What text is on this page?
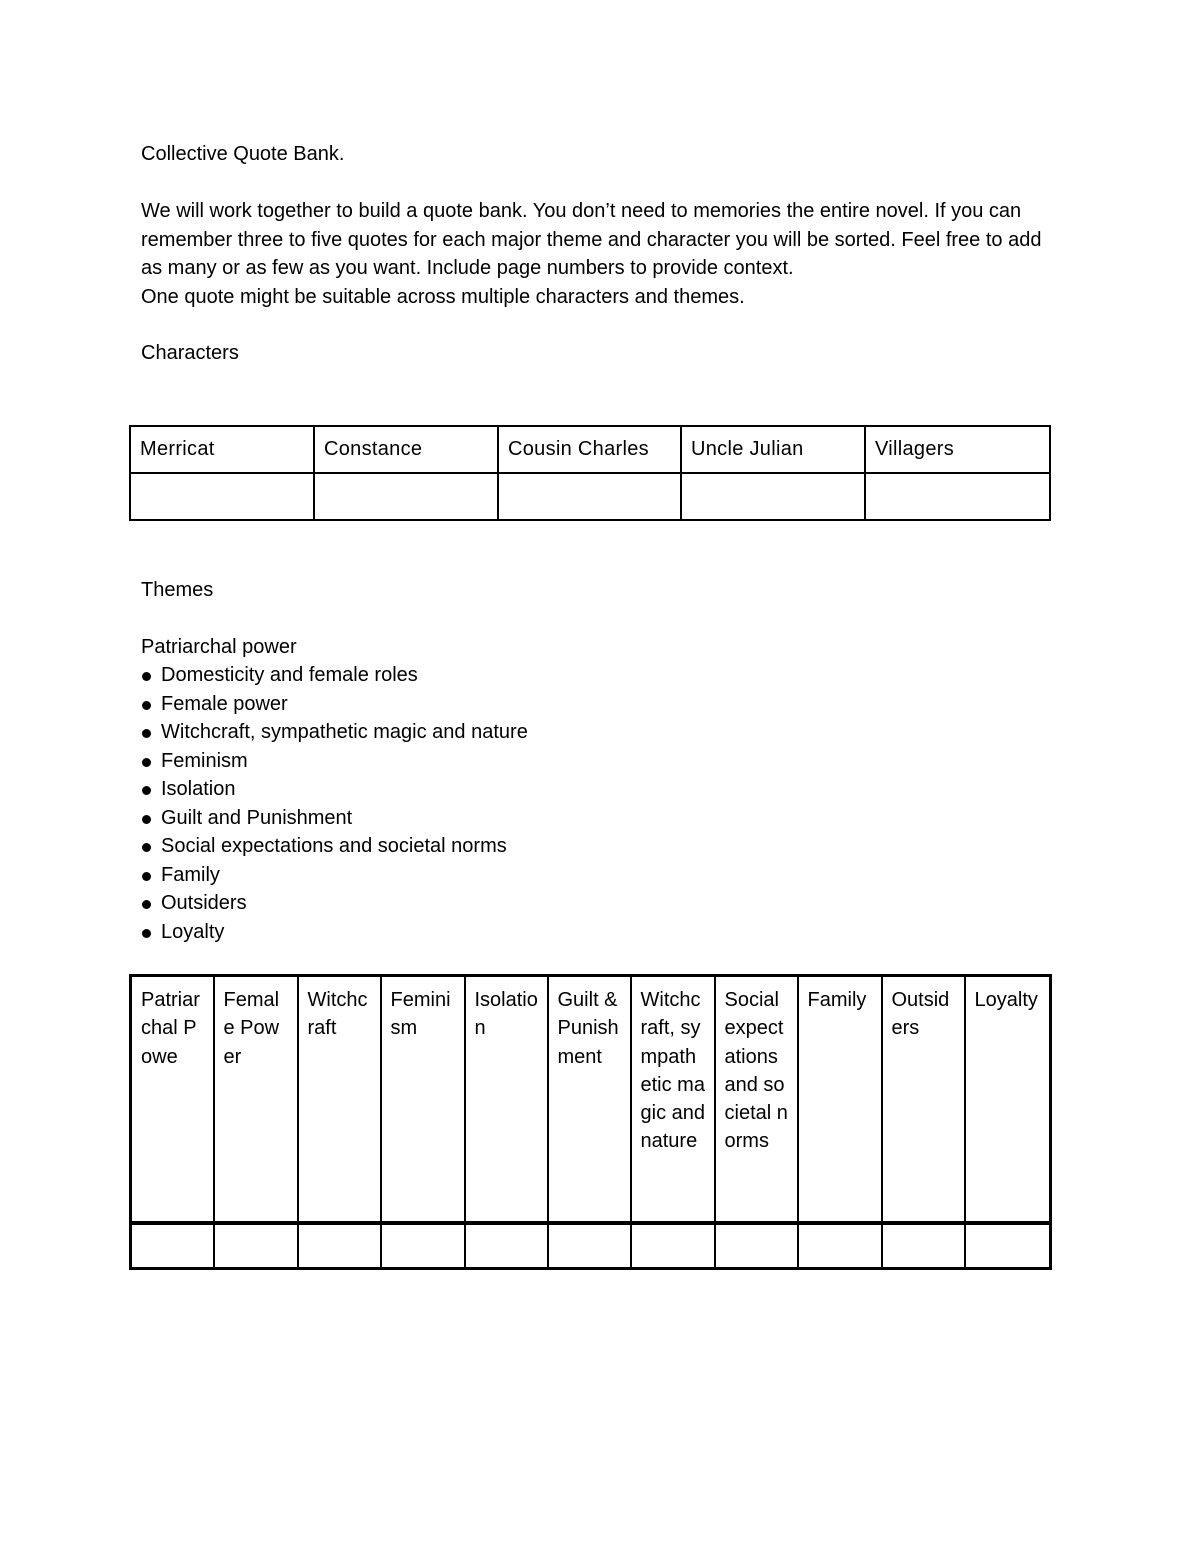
Collective Quote Bank.

We will work together to build a quote bank. You don’t need to memories the entire novel. If you can remember three to five quotes for each major theme and character you will be sorted. Feel free to add as many or as few as you want. Include page numbers to provide context.

One quote might be suitable across multiple characters and themes.

Characters
Merricat	Constance	Cousin Charles	Uncle Julian	Villagers

Themes
Patriarchal power
Domesticity and female roles
Female power
Witchcraft, sympathetic magic and nature
Feminism
Isolation
Guilt and Punishment
Social expectations and societal norms
Family
Outsiders
Loyalty
Patriarchal Powe	Female Power	Witchcraft	Feminism	Isolation	Guilt & Punishment	Witchcraft, sympathetic magic and nature	Social expectations and societal norms	Family	Outsiders	Loyalty
